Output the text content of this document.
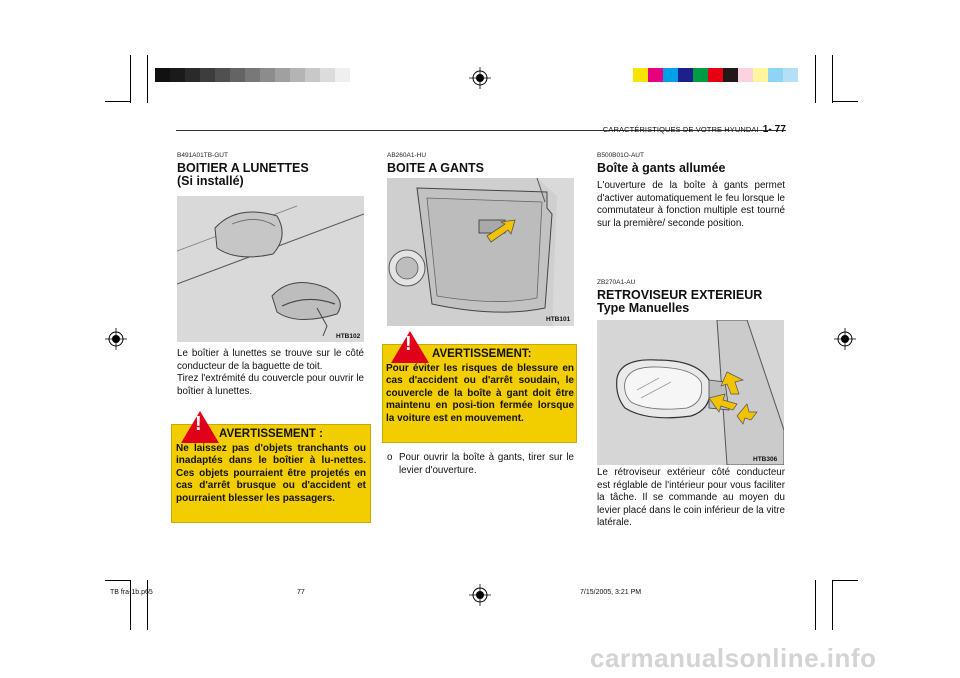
CARACTÉRISTIQUES DE VOTRE HYUNDAI 1- 77
B491A01TB-GUT
BOITIER A LUNETTES
(Si installé)
HTB102
Le boîtier à lunettes se trouve sur le côté conducteur de la baguette de toit.
Tirez l'extrémité du couvercle pour ouvrir le boîtier à lunettes.
! AVERTISSEMENT :
Ne laissez pas d'objets tranchants ou inadaptés dans le boîtier à lu-nettes. Ces objets pourraient être projetés en cas d'arrêt brusque ou d'accident et pourraient blesser les passagers.
AB260A1-HU
BOITE A GANTS
HTB101
! AVERTISSEMENT:
Pour éviter les risques de blessure en cas d'accident ou d'arrêt soudain, le couvercle de la boîte à gant doit être maintenu en posi-tion fermée lorsque la voiture est en mouvement.
o Pour ouvrir la boîte à gants, tirer sur le levier d'ouverture.
B500B01O-AUT
Boîte à gants allumée
L'ouverture de la boîte à gants permet d'activer automatiquement le feu lorsque le commutateur à fonction multiple est tourné sur la première/ seconde position.
ZB270A1-AU
RETROVISEUR EXTERIEUR
Type Manuelles
HTB306
Le rétroviseur extérieur côté conducteur est réglable de l'intérieur pour vous faciliter la tâche. Il se commande au moyen du levier placé dans le coin inférieur de la vitre latérale.
TB fra-1b.p65	77	7/15/2005, 3:21 PM
carmanualsonline.info
